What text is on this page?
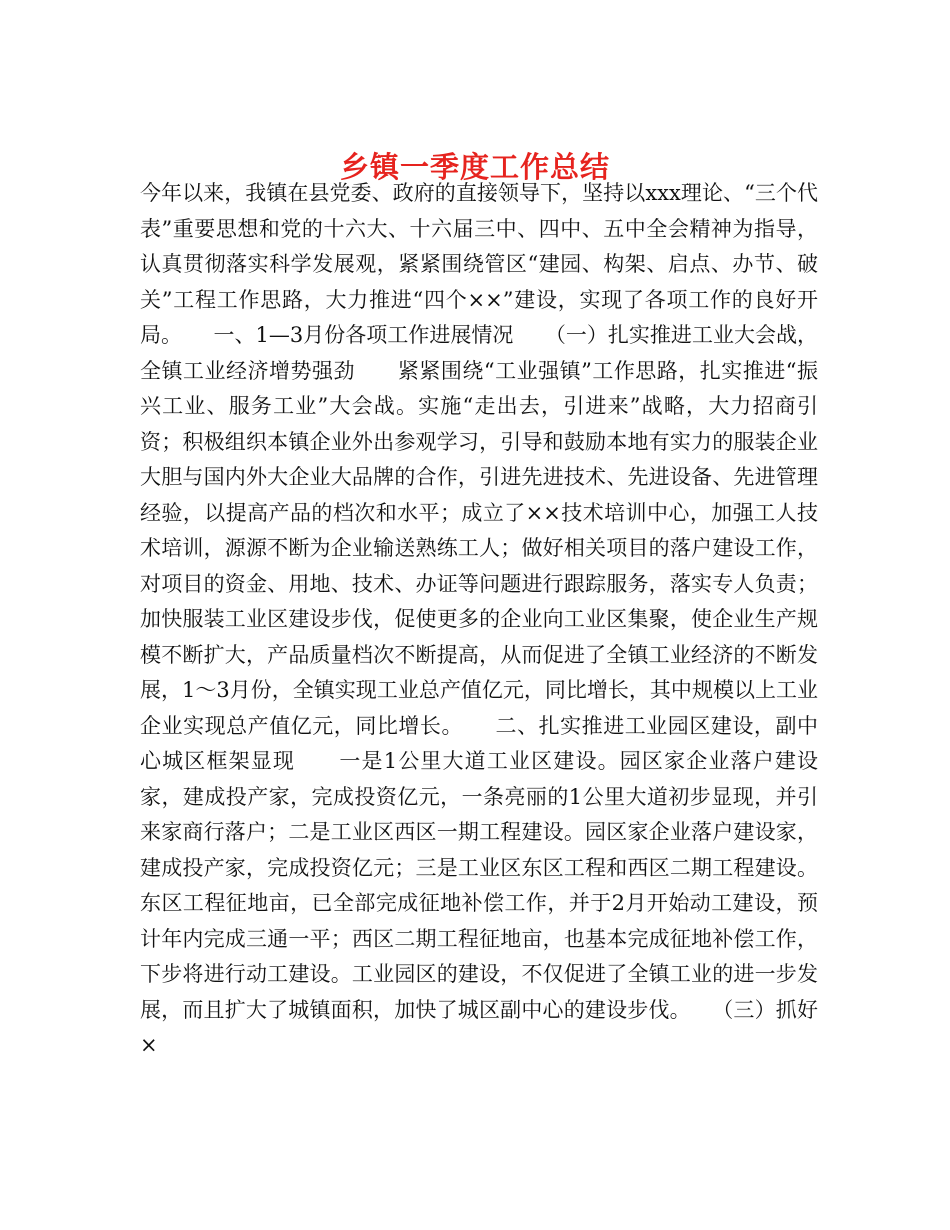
乡镇一季度工作总结

今年以来，我镇在县党委、政府的直接领导下，坚持以xxx理论、“三个代表”重要思想和党的十六大、十六届三中、四中、五中全会精神为指导，认真贯彻落实科学发展观，紧紧围绕管区“建园、构架、启点、办节、破关”工程工作思路，大力推进“四个××”建设，实现了各项工作的良好开局。　　一、1—3月份各项工作进展情况　　（一）扎实推进工业大会战，全镇工业经济增势强劲　　紧紧围绕“工业强镇”工作思路，扎实推进“振兴工业、服务工业”大会战。实施“走出去，引进来”战略，大力招商引资；积极组织本镇企业外出参观学习，引导和鼓励本地有实力的服装企业大胆与国内外大企业大品牌的合作，引进先进技术、先进设备、先进管理经验，以提高产品的档次和水平；成立了××技术培训中心，加强工人技术培训，源源不断为企业输送熟练工人；做好相关项目的落户建设工作，对项目的资金、用地、技术、办证等问题进行跟踪服务，落实专人负责；加快服装工业区建设步伐，促使更多的企业向工业区集聚，使企业生产规模不断扩大，产品质量档次不断提高，从而促进了全镇工业经济的不断发展，1～3月份，全镇实现工业总产值亿元，同比增长，其中规模以上工业企业实现总产值亿元，同比增长。　　二、扎实推进工业园区建设，副中心城区框架显现　　一是1公里大道工业区建设。园区家企业落户建设家，建成投产家，完成投资亿元，一条亮丽的1公里大道初步显现，并引来家商行落户；二是工业区西区一期工程建设。园区家企业落户建设家，建成投产家，完成投资亿元；三是工业区东区工程和西区二期工程建设。东区工程征地亩，已全部完成征地补偿工作，并于2月开始动工建设，预计年内完成三通一平；西区二期工程征地亩，也基本完成征地补偿工作，下步将进行动工建设。工业园区的建设，不仅促进了全镇工业的进一步发展，而且扩大了城镇面积，加快了城区副中心的建设步伐。　　（三）抓好×
